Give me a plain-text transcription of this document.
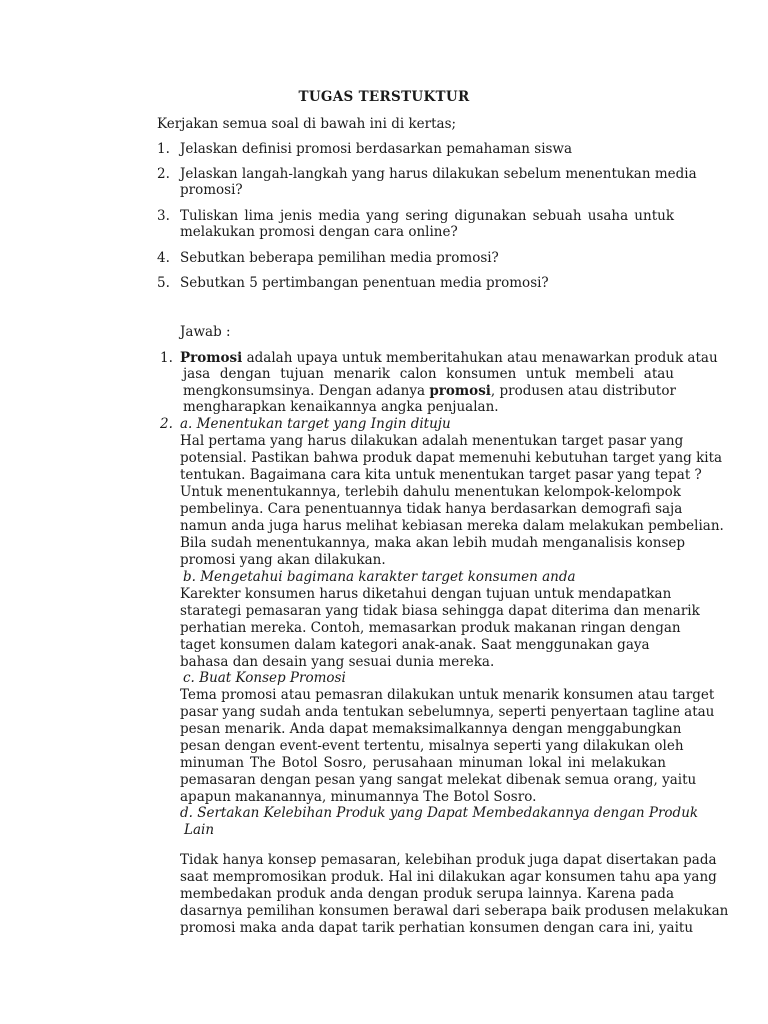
TUGAS TERSTUKTUR
Kerjakan semua soal di bawah ini di kertas;
1. Jelaskan definisi promosi berdasarkan pemahaman siswa
2. Jelaskan langah-langkah yang harus dilakukan sebelum menentukan media
promosi?
3. Tuliskan lima jenis media yang sering digunakan sebuah usaha untuk
melakukan promosi dengan cara online?
4. Sebutkan beberapa pemilihan media promosi?
5. Sebutkan 5 pertimbangan penentuan media promosi?
Jawab :
1. Promosi adalah upaya untuk memberitahukan atau menawarkan produk atau
jasa dengan tujuan menarik calon konsumen untuk membeli atau
mengkonsumsinya. Dengan adanya promosi, produsen atau distributor
mengharapkan kenaikannya angka penjualan.
2. a. Menentukan target yang Ingin dituju
Hal pertama yang harus dilakukan adalah menentukan target pasar yang
potensial. Pastikan bahwa produk dapat memenuhi kebutuhan target yang kita
tentukan. Bagaimana cara kita untuk menentukan target pasar yang tepat ?
Untuk menentukannya, terlebih dahulu menentukan kelompok-kelompok
pembelinya. Cara penentuannya tidak hanya berdasarkan demografi saja
namun anda juga harus melihat kebiasan mereka dalam melakukan pembelian.
Bila sudah menentukannya, maka akan lebih mudah menganalisis konsep
promosi yang akan dilakukan.
b. Mengetahui bagimana karakter target konsumen anda
Karekter konsumen harus diketahui dengan tujuan untuk mendapatkan
starategi pemasaran yang tidak biasa sehingga dapat diterima dan menarik
perhatian mereka. Contoh, memasarkan produk makanan ringan dengan
taget konsumen dalam kategori anak-anak. Saat menggunakan gaya
bahasa dan desain yang sesuai dunia mereka.
c. Buat Konsep Promosi
Tema promosi atau pemasran dilakukan untuk menarik konsumen atau target
pasar yang sudah anda tentukan sebelumnya, seperti penyertaan tagline atau
pesan menarik. Anda dapat memaksimalkannya dengan menggabungkan
pesan dengan event-event tertentu, misalnya seperti yang dilakukan oleh
minuman The Botol Sosro, perusahaan minuman lokal ini melakukan
pemasaran dengan pesan yang sangat melekat dibenak semua orang, yaitu
apapun makanannya, minumannya The Botol Sosro.
d. Sertakan Kelebihan Produk yang Dapat Membedakannya dengan Produk
Lain
Tidak hanya konsep pemasaran, kelebihan produk juga dapat disertakan pada
saat mempromosikan produk. Hal ini dilakukan agar konsumen tahu apa yang
membedakan produk anda dengan produk serupa lainnya. Karena pada
dasarnya pemilihan konsumen berawal dari seberapa baik produsen melakukan
promosi maka anda dapat tarik perhatian konsumen dengan cara ini, yaitu
